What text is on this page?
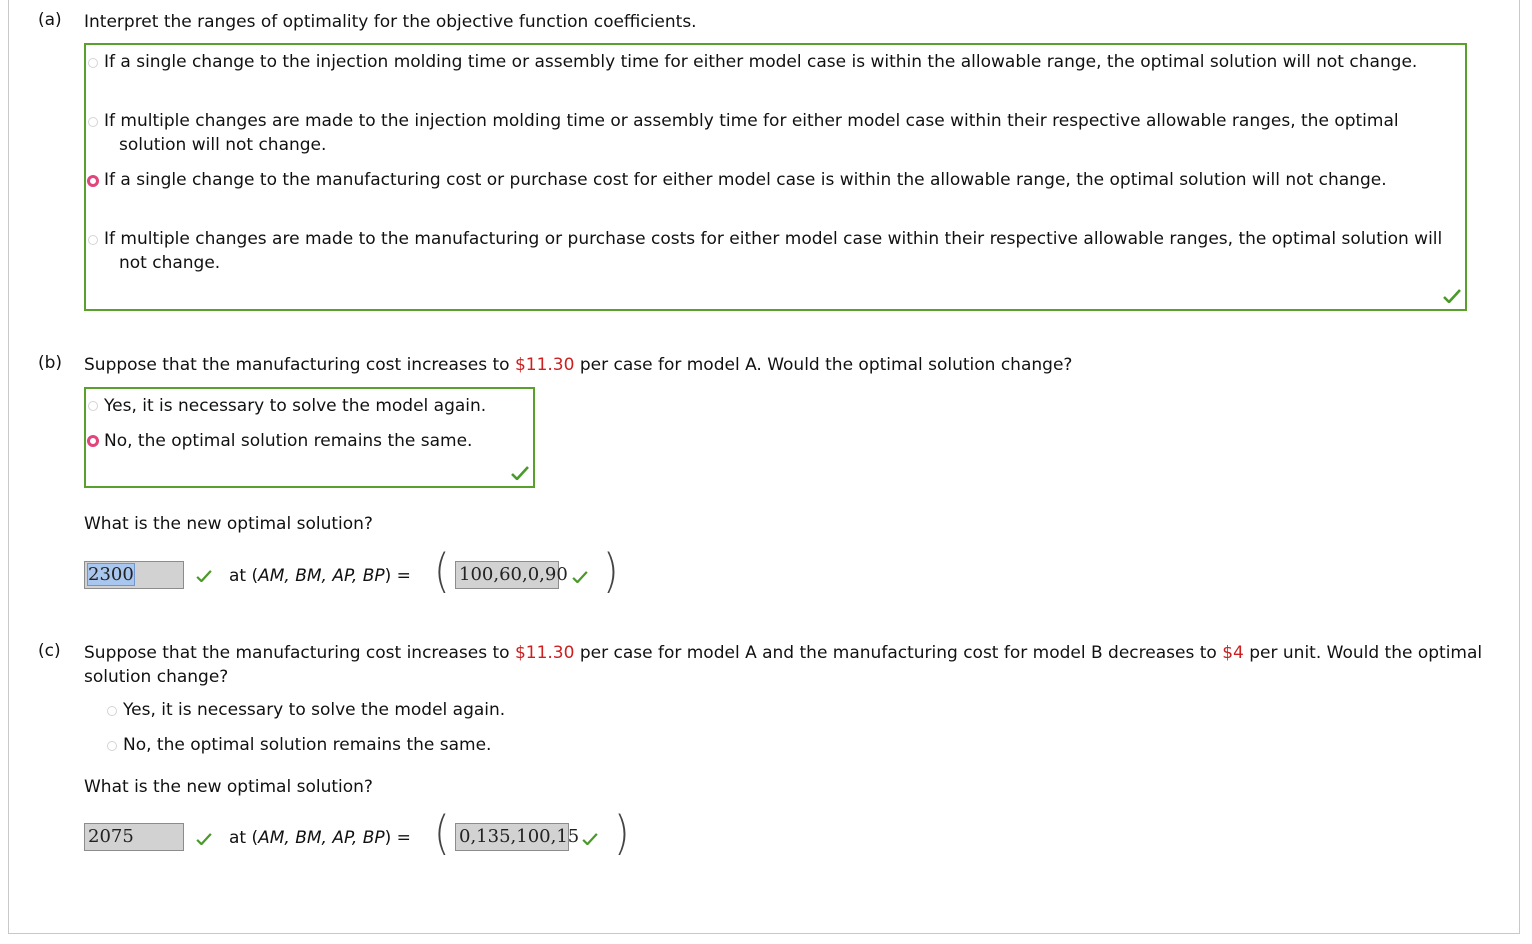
(a) Interpret the ranges of optimality for the objective function coefficients.
If a single change to the injection molding time or assembly time for either model case is within the allowable range, the optimal solution will not change.
If multiple changes are made to the injection molding time or assembly time for either model case within their respective allowable ranges, the optimal solution will not change.
If a single change to the manufacturing cost or purchase cost for either model case is within the allowable range, the optimal solution will not change.
If multiple changes are made to the manufacturing or purchase costs for either model case within their respective allowable ranges, the optimal solution will not change.
(b) Suppose that the manufacturing cost increases to $11.30 per case for model A. Would the optimal solution change?
Yes, it is necessary to solve the model again.
No, the optimal solution remains the same.
What is the new optimal solution?
2300	at (AM, BM, AP, BP) = ( 100,60,0,90 )
(c) Suppose that the manufacturing cost increases to $11.30 per case for model A and the manufacturing cost for model B decreases to $4 per unit. Would the optimal solution change?
Yes, it is necessary to solve the model again.
No, the optimal solution remains the same.
What is the new optimal solution?
2075	at (AM, BM, AP, BP) = ( 0,135,100,15 )
